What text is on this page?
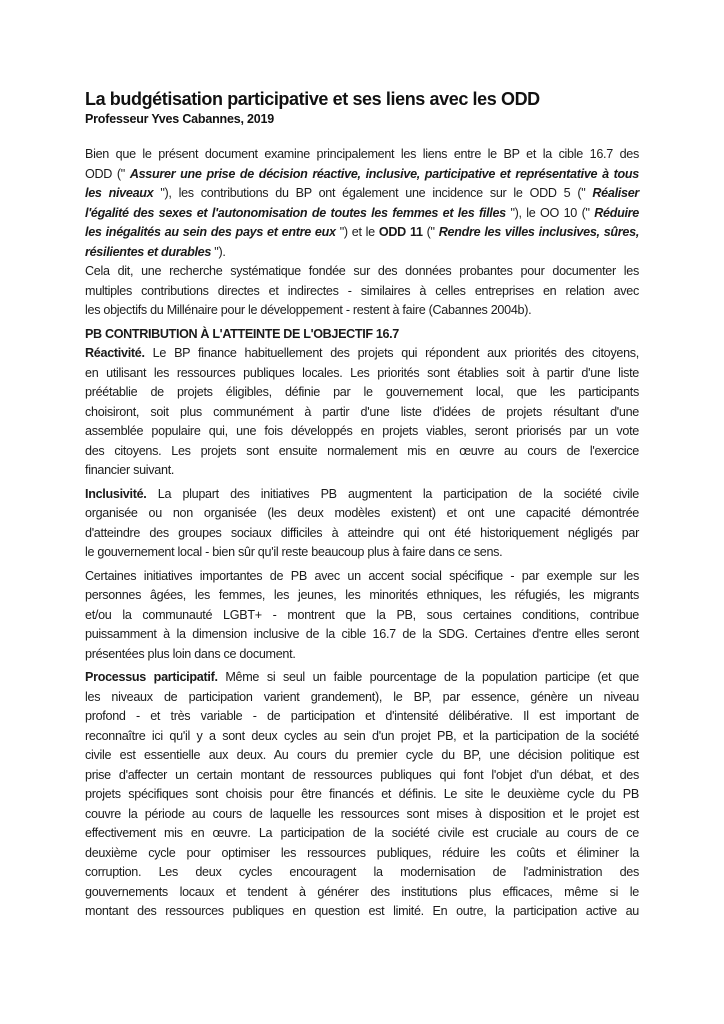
La budgétisation participative et ses liens avec les ODD
Professeur Yves Cabannes, 2019
Bien que le présent document examine principalement les liens entre le BP et la cible 16.7 des
ODD (" Assurer une prise de décision réactive, inclusive, participative et représentative à tous
les niveaux "), les contributions du BP ont également une incidence sur le ODD 5 (" Réaliser
l'égalité des sexes et l'autonomisation de toutes les femmes et les filles "), le OO 10 (" Réduire
les inégalités au sein des pays et entre eux ") et le ODD 11 (" Rendre les villes inclusives, sûres,
résilientes et durables ").
Cela dit, une recherche systématique fondée sur des données probantes pour documenter les
multiples contributions directes et indirectes - similaires à celles entreprises en relation avec
les objectifs du Millénaire pour le développement - restent à faire (Cabannes 2004b).
PB CONTRIBUTION À L'ATTEINTE DE L'OBJECTIF 16.7
Réactivité. Le BP finance habituellement des projets qui répondent aux priorités des citoyens,
en utilisant les ressources publiques locales. Les priorités sont établies soit à partir d'une liste
préétablie de projets éligibles, définie par le gouvernement local, que les participants
choisiront, soit plus communément à partir d'une liste d'idées de projets résultant d'une
assemblée populaire qui, une fois développés en projets viables, seront priorisés par un vote
des citoyens. Les projets sont ensuite normalement mis en œuvre au cours de l'exercice
financier suivant.
Inclusivité. La plupart des initiatives PB augmentent la participation de la société civile
organisée ou non organisée (les deux modèles existent) et ont une capacité démontrée
d'atteindre des groupes sociaux difficiles à atteindre qui ont été historiquement négligés par
le gouvernement local - bien sûr qu'il reste beaucoup plus à faire dans ce sens.
Certaines initiatives importantes de PB avec un accent social spécifique - par exemple sur les
personnes âgées, les femmes, les jeunes, les minorités ethniques, les réfugiés, les migrants
et/ou la communauté LGBT+ - montrent que la PB, sous certaines conditions, contribue
puissamment à la dimension inclusive de la cible 16.7 de la SDG. Certaines d'entre elles seront
présentées plus loin dans ce document.
Processus participatif. Même si seul un faible pourcentage de la population participe (et que
les niveaux de participation varient grandement), le BP, par essence, génère un niveau
profond - et très variable - de participation et d'intensité délibérative. Il est important de
reconnaître ici qu'il y a sont deux cycles au sein d'un projet PB, et la participation de la société
civile est essentielle aux deux. Au cours du premier cycle du BP, une décision politique est
prise d'affecter un certain montant de ressources publiques qui font l'objet d'un débat, et des
projets spécifiques sont choisis pour être financés et définis. Le site le deuxième cycle du PB
couvre la période au cours de laquelle les ressources sont mises à disposition et le projet est
effectivement mis en œuvre. La participation de la société civile est cruciale au cours de ce
deuxième cycle pour optimiser les ressources publiques, réduire les coûts et éliminer la
corruption. Les deux cycles encouragent la modernisation de l'administration des
gouvernements locaux et tendent à générer des institutions plus efficaces, même si le
montant des ressources publiques en question est limité. En outre, la participation active au
